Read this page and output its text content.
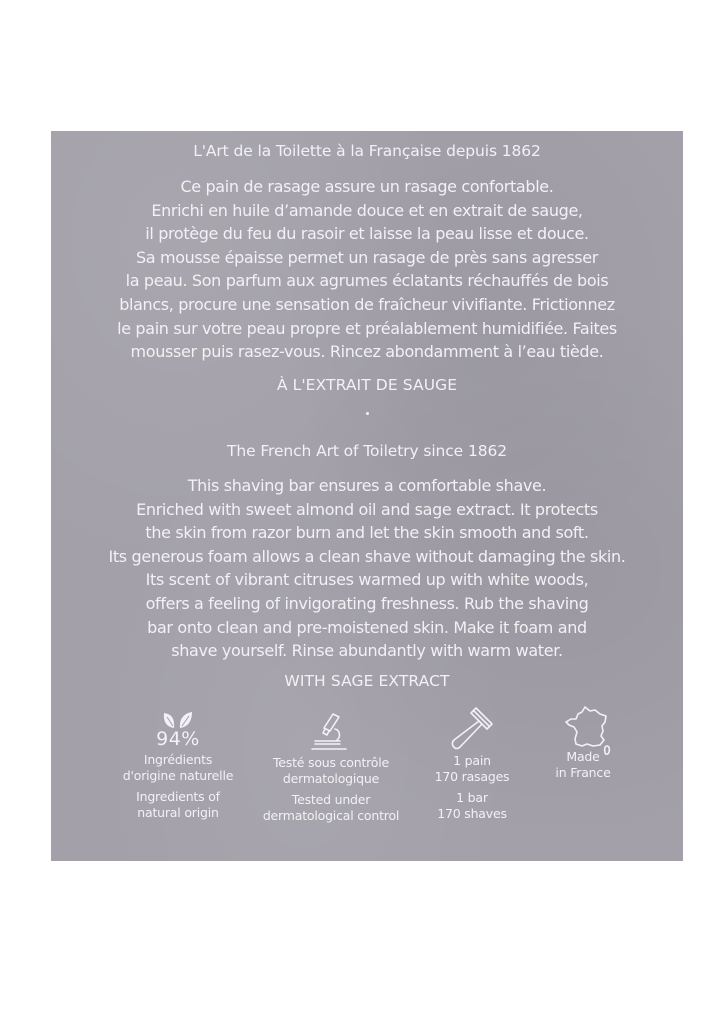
L'Art de la Toilette à la Française depuis 1862
Ce pain de rasage assure un rasage confortable.
Enrichi en huile d’amande douce et en extrait de sauge,
il protège du feu du rasoir et laisse la peau lisse et douce.
Sa mousse épaisse permet un rasage de près sans agresser
la peau. Son parfum aux agrumes éclatants réchauffés de bois
blancs, procure une sensation de fraîcheur vivifiante. Frictionnez
le pain sur votre peau propre et préalablement humidifiée. Faites
mousser puis rasez-vous. Rincez abondamment à l’eau tiède.
À L'EXTRAIT DE SAUGE
The French Art of Toiletry since 1862
This shaving bar ensures a comfortable shave.
Enriched with sweet almond oil and sage extract. It protects
the skin from razor burn and let the skin smooth and soft.
Its generous foam allows a clean shave without damaging the skin.
Its scent of vibrant citruses warmed up with white woods,
offers a feeling of invigorating freshness. Rub the shaving
bar onto clean and pre-moistened skin. Make it foam and
shave yourself. Rinse abundantly with warm water.
WITH SAGE EXTRACT
94%
Ingrédients
d'origine naturelle
Ingredients of
natural origin
Testé sous contrôle
dermatologique
Tested under
dermatological control
1 pain
170 rasages
1 bar
170 shaves
Made
in France
